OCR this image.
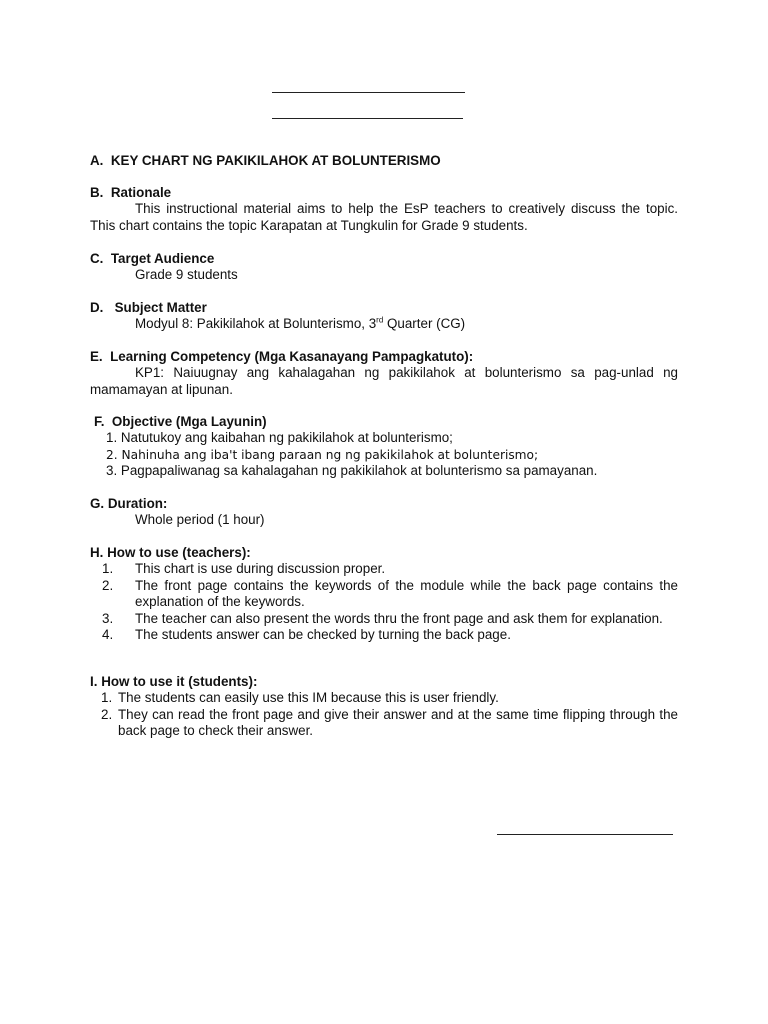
A. KEY CHART NG PAKIKILAHOK AT BOLUNTERISMO
B. Rationale
This instructional material aims to help the EsP teachers to creatively discuss the topic. This chart contains the topic Karapatan at Tungkulin for Grade 9 students.
C. Target Audience
Grade 9 students
D. Subject Matter
Modyul 8: Pakikilahok at Bolunterismo, 3rd Quarter (CG)
E. Learning Competency (Mga Kasanayang Pampagkatuto):
KP1: Naiuugnay ang kahalagahan ng pakikilahok at bolunterismo sa pag-unlad ng mamamayan at lipunan.
F. Objective (Mga Layunin)
1. Natutukoy ang kaibahan ng pakikilahok at bolunterismo;
2. Nahinuha ang iba't ibang paraan ng ng pakikilahok at bolunterismo;
3. Pagpapaliwanag sa kahalagahan ng pakikilahok at bolunterismo sa pamayanan.
G. Duration:
Whole period (1 hour)
H. How to use (teachers):
1.	This chart is use during discussion proper.
2.	The front page contains the keywords of the module while the back page contains the explanation of the keywords.
3.	The teacher can also present the words thru the front page and ask them for explanation.
4.	The students answer can be checked by turning the back page.
I. How to use it (students):
1. The students can easily use this IM because this is user friendly.
2. They can read the front page and give their answer and at the same time flipping through the back page to check their answer.
